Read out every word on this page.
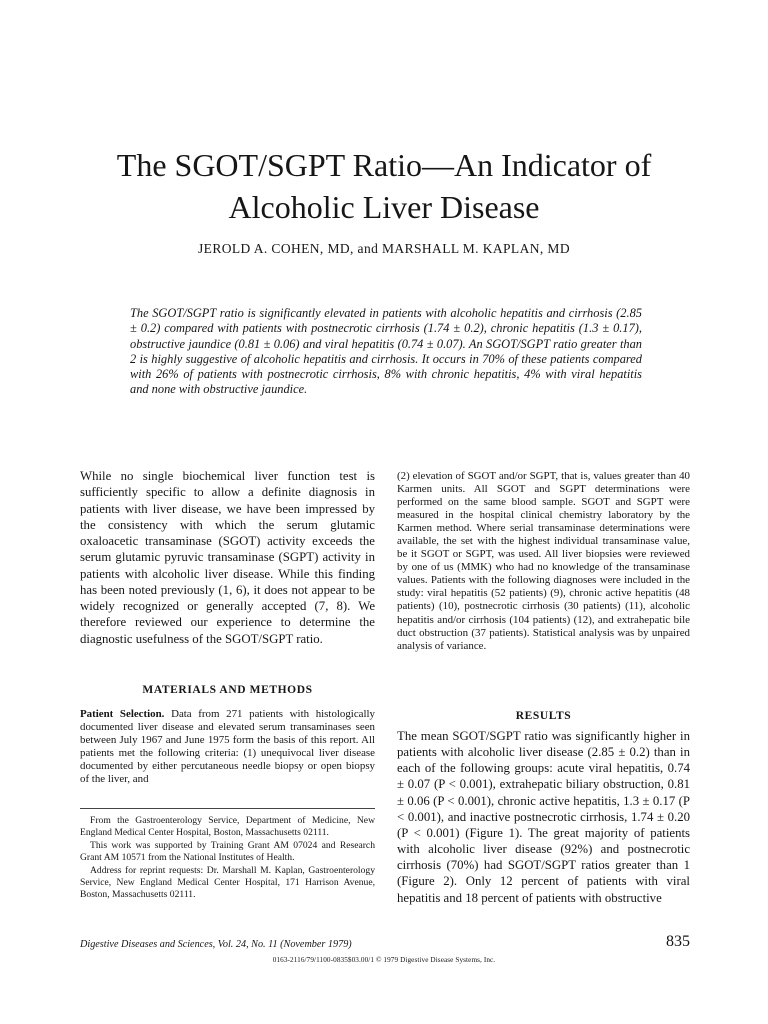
The SGOT/SGPT Ratio—An Indicator of
Alcoholic Liver Disease
JEROLD A. COHEN, MD, and MARSHALL M. KAPLAN, MD

The SGOT/SGPT ratio is significantly elevated in patients with alcoholic hepatitis and cirrhosis (2.85 ± 0.2) compared with patients with postnecrotic cirrhosis (1.74 ± 0.2), chronic hepatitis (1.3 ± 0.17), obstructive jaundice (0.81 ± 0.06) and viral hepatitis (0.74 ± 0.07). An SGOT/SGPT ratio greater than 2 is highly suggestive of alcoholic hepatitis and cirrhosis. It occurs in 70% of these patients compared with 26% of patients with postnecrotic cirrhosis, 8% with chronic hepatitis, 4% with viral hepatitis and none with obstructive jaundice.

While no single biochemical liver function test is sufficiently specific to allow a definite diagnosis in patients with liver disease, we have been impressed by the consistency with which the serum glutamic oxaloacetic transaminase (SGOT) activity exceeds the serum glutamic pyruvic transaminase (SGPT) activity in patients with alcoholic liver disease. While this finding has been noted previously (1, 6), it does not appear to be widely recognized or generally accepted (7, 8). We therefore reviewed our experience to determine the diagnostic usefulness of the SGOT/SGPT ratio.

MATERIALS AND METHODS

Patient Selection. Data from 271 patients with histologically documented liver disease and elevated serum transaminases seen between July 1967 and June 1975 form the basis of this report. All patients met the following criteria: (1) unequivocal liver disease documented by either percutaneous needle biopsy or open biopsy of the liver, and

From the Gastroenterology Service, Department of Medicine, New England Medical Center Hospital, Boston, Massachusetts 02111.

This work was supported by Training Grant AM 07024 and Research Grant AM 10571 from the National Institutes of Health.

Address for reprint requests: Dr. Marshall M. Kaplan, Gastroenterology Service, New England Medical Center Hospital, 171 Harrison Avenue, Boston, Massachusetts 02111.

(2) elevation of SGOT and/or SGPT, that is, values greater than 40 Karmen units. All SGOT and SGPT determinations were performed on the same blood sample. SGOT and SGPT were measured in the hospital clinical chemistry laboratory by the Karmen method. Where serial transaminase determinations were available, the set with the highest individual transaminase value, be it SGOT or SGPT, was used. All liver biopsies were reviewed by one of us (MMK) who had no knowledge of the transaminase values. Patients with the following diagnoses were included in the study: viral hepatitis (52 patients) (9), chronic active hepatitis (48 patients) (10), postnecrotic cirrhosis (30 patients) (11), alcoholic hepatitis and/or cirrhosis (104 patients) (12), and extrahepatic bile duct obstruction (37 patients). Statistical analysis was by unpaired analysis of variance.

RESULTS

The mean SGOT/SGPT ratio was significantly higher in patients with alcoholic liver disease (2.85 ± 0.2) than in each of the following groups: acute viral hepatitis, 0.74 ± 0.07 (P < 0.001), extrahepatic biliary obstruction, 0.81 ± 0.06 (P < 0.001), chronic active hepatitis, 1.3 ± 0.17 (P < 0.001), and inactive postnecrotic cirrhosis, 1.74 ± 0.20 (P < 0.001) (Figure 1). The great majority of patients with alcoholic liver disease (92%) and postnecrotic cirrhosis (70%) had SGOT/SGPT ratios greater than 1 (Figure 2). Only 12 percent of patients with viral hepatitis and 18 percent of patients with obstructive

Digestive Diseases and Sciences, Vol. 24, No. 11 (November 1979)	835
0163-2116/79/1100-0835$03.00/1 © 1979 Digestive Disease Systems, Inc.
